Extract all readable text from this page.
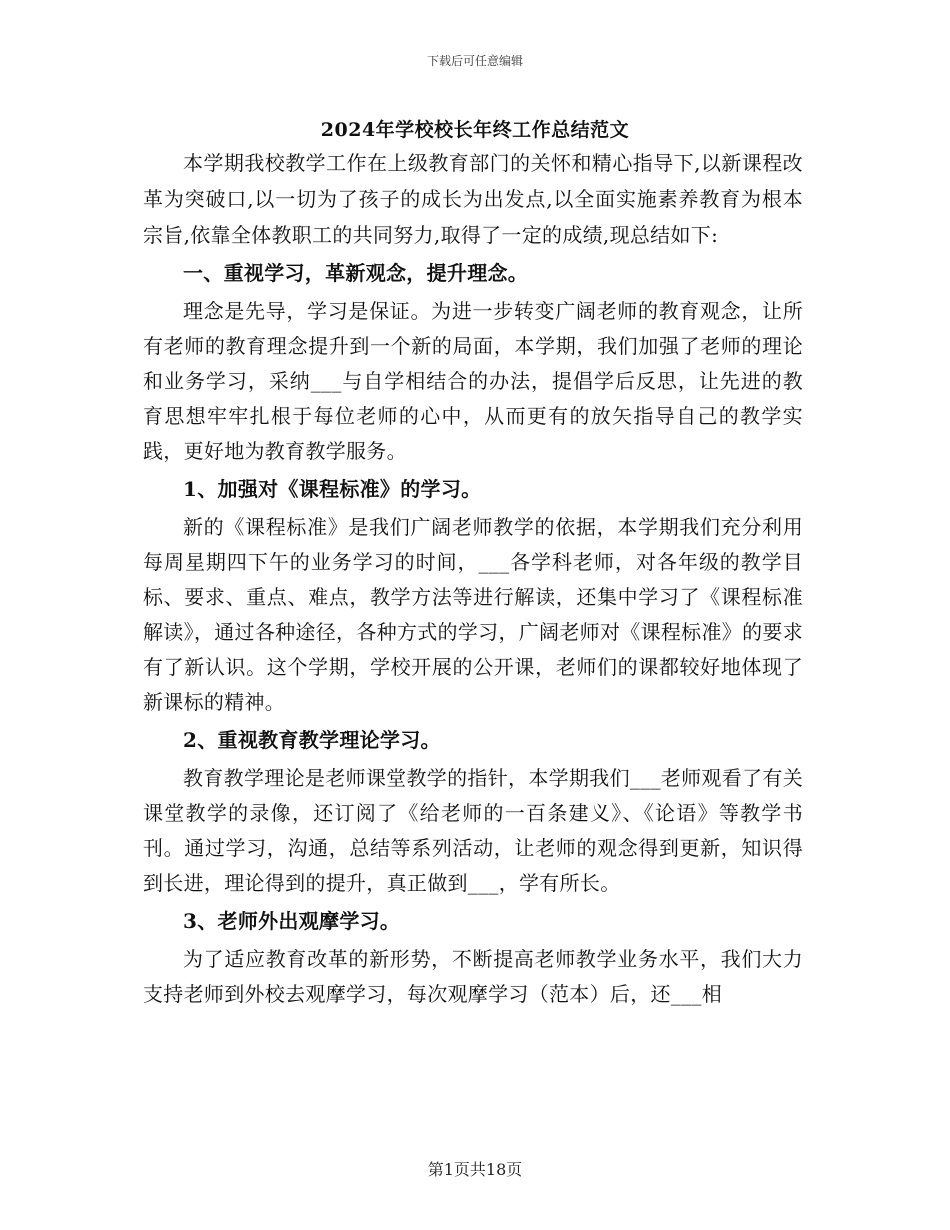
下载后可任意编辑
2024年学校校长年终工作总结范文

本学期我校教学工作在上级教育部门的关怀和精心指导下,以新课程改革为突破口,以一切为了孩子的成长为出发点,以全面实施素养教育为根本宗旨,依靠全体教职工的共同努力,取得了一定的成绩,现总结如下:

一、重视学习，革新观念，提升理念。

理念是先导，学习是保证。为进一步转变广阔老师的教育观念，让所有老师的教育理念提升到一个新的局面，本学期，我们加强了老师的理论和业务学习，采纳___与自学相结合的办法，提倡学后反思，让先进的教育思想牢牢扎根于每位老师的心中，从而更有的放矢指导自己的教学实践，更好地为教育教学服务。

1、加强对《课程标准》的学习。

新的《课程标准》是我们广阔老师教学的依据，本学期我们充分利用每周星期四下午的业务学习的时间，___各学科老师，对各年级的教学目标、要求、重点、难点，教学方法等进行解读，还集中学习了《课程标准解读》，通过各种途径，各种方式的学习，广阔老师对《课程标准》的要求有了新认识。这个学期，学校开展的公开课，老师们的课都较好地体现了新课标的精神。

2、重视教育教学理论学习。

教育教学理论是老师课堂教学的指针，本学期我们___老师观看了有关课堂教学的录像，还订阅了《给老师的一百条建义》、《论语》等教学书刊。通过学习，沟通，总结等系列活动，让老师的观念得到更新，知识得到长进，理论得到的提升，真正做到___，学有所长。

3、老师外出观摩学习。

为了适应教育改革的新形势，不断提高老师教学业务水平，我们大力支持老师到外校去观摩学习，每次观摩学习（范本）后，还___相

第1页共18页
